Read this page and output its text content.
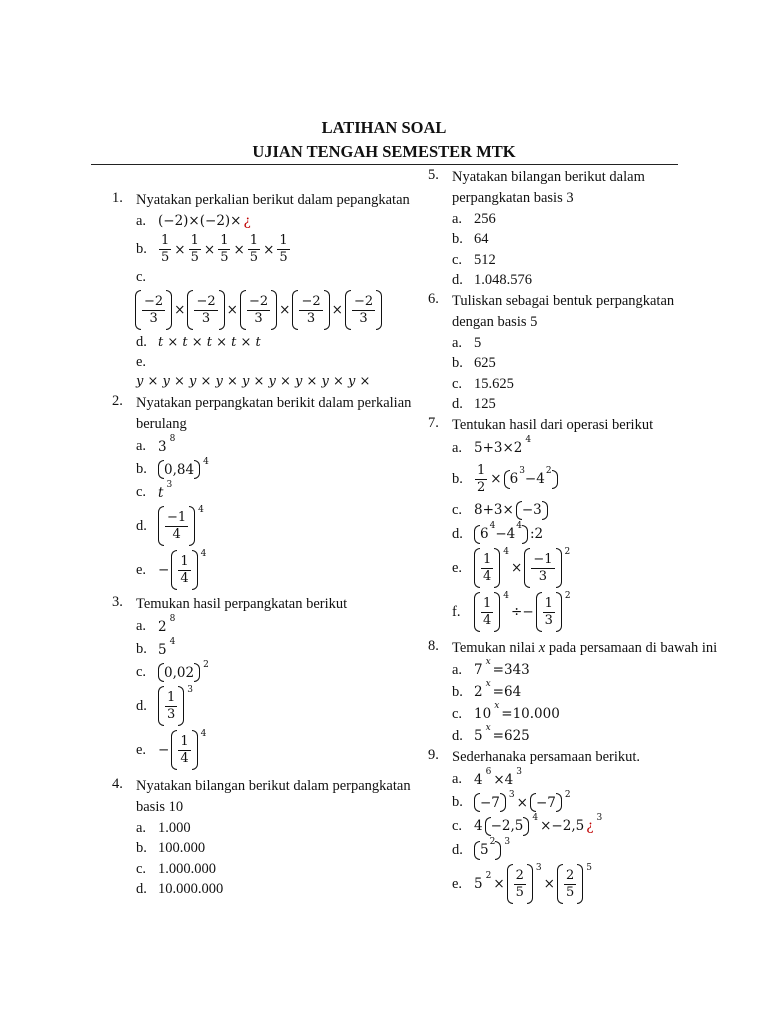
LATIHAN SOAL
UJIAN TENGAH SEMESTER MTK
1. Nyatakan perkalian berikut dalam pepangkatan
a. (−2)×(−2)× ¿
b. $\frac{1}{5} \times \frac{1}{5} \times \frac{1}{5} \times \frac{1}{5} \times \frac{1}{5}$
c.
$\frac{-2}{3} \times \frac{-2}{3} \times \frac{-2}{3} \times \frac{-2}{3} \times \frac{-2}{3}$
d. t × t × t × t × t
e.
y × y × y × y × y × y × y × y × y ×
2. Nyatakan perpangkatan berikit dalam perkalian berulang
a. 3 8
b. 0,84 4
c. t 3
d. $\frac{-1}{4}$
4
e. − $\frac{1}{4}$
4
3. Temukan hasil perpangkatan berikut
a. 2 8
b. 5 4
c. 0,02 2
d. $\frac{1}{3}$
3
e. − $\frac{1}{4}$
4
4. Nyatakan bilangan berikut dalam perpangkatan basis 10
a. 1.000
b. 100.000
c. 1.000.000
d. 10.000.000
5. Nyatakan bilangan berikut dalam perpangkatan basis 3
a. 256
b. 64
c. 512
d. 1.048.576
6. Tuliskan sebagai bentuk perpangkatan dengan basis 5
a. 5
b. 625
c. 15.625
d. 125
7. Tentukan hasil dari operasi berikut
a. 5+3×2 4
b. $\frac{1}{2} \times 6$ 3 −4 2
c. 8+3× −3
d. 6 4 −4 4 :2
e. $\frac{1}{4}$
4
× $\frac{-1}{3}$
2
f. $\frac{1}{4}$
4
÷− $\frac{1}{3}$
2
8. Temukan nilai x pada persamaan di bawah ini
a. 7 x =343
b. 2 x =64
c. 10 x =10.000
d. 5 x =625
9. Sederhanaka persamaan berikut.
a. 4 6 ×4 3
b. −7 3 × −7 2
c. 4 −2,5 4 ×−2,5 ¿ 3
d. 5 2 3
e. 5 $2 \times \frac{2}{5}$
3
× $\frac{2}{5}$
5
